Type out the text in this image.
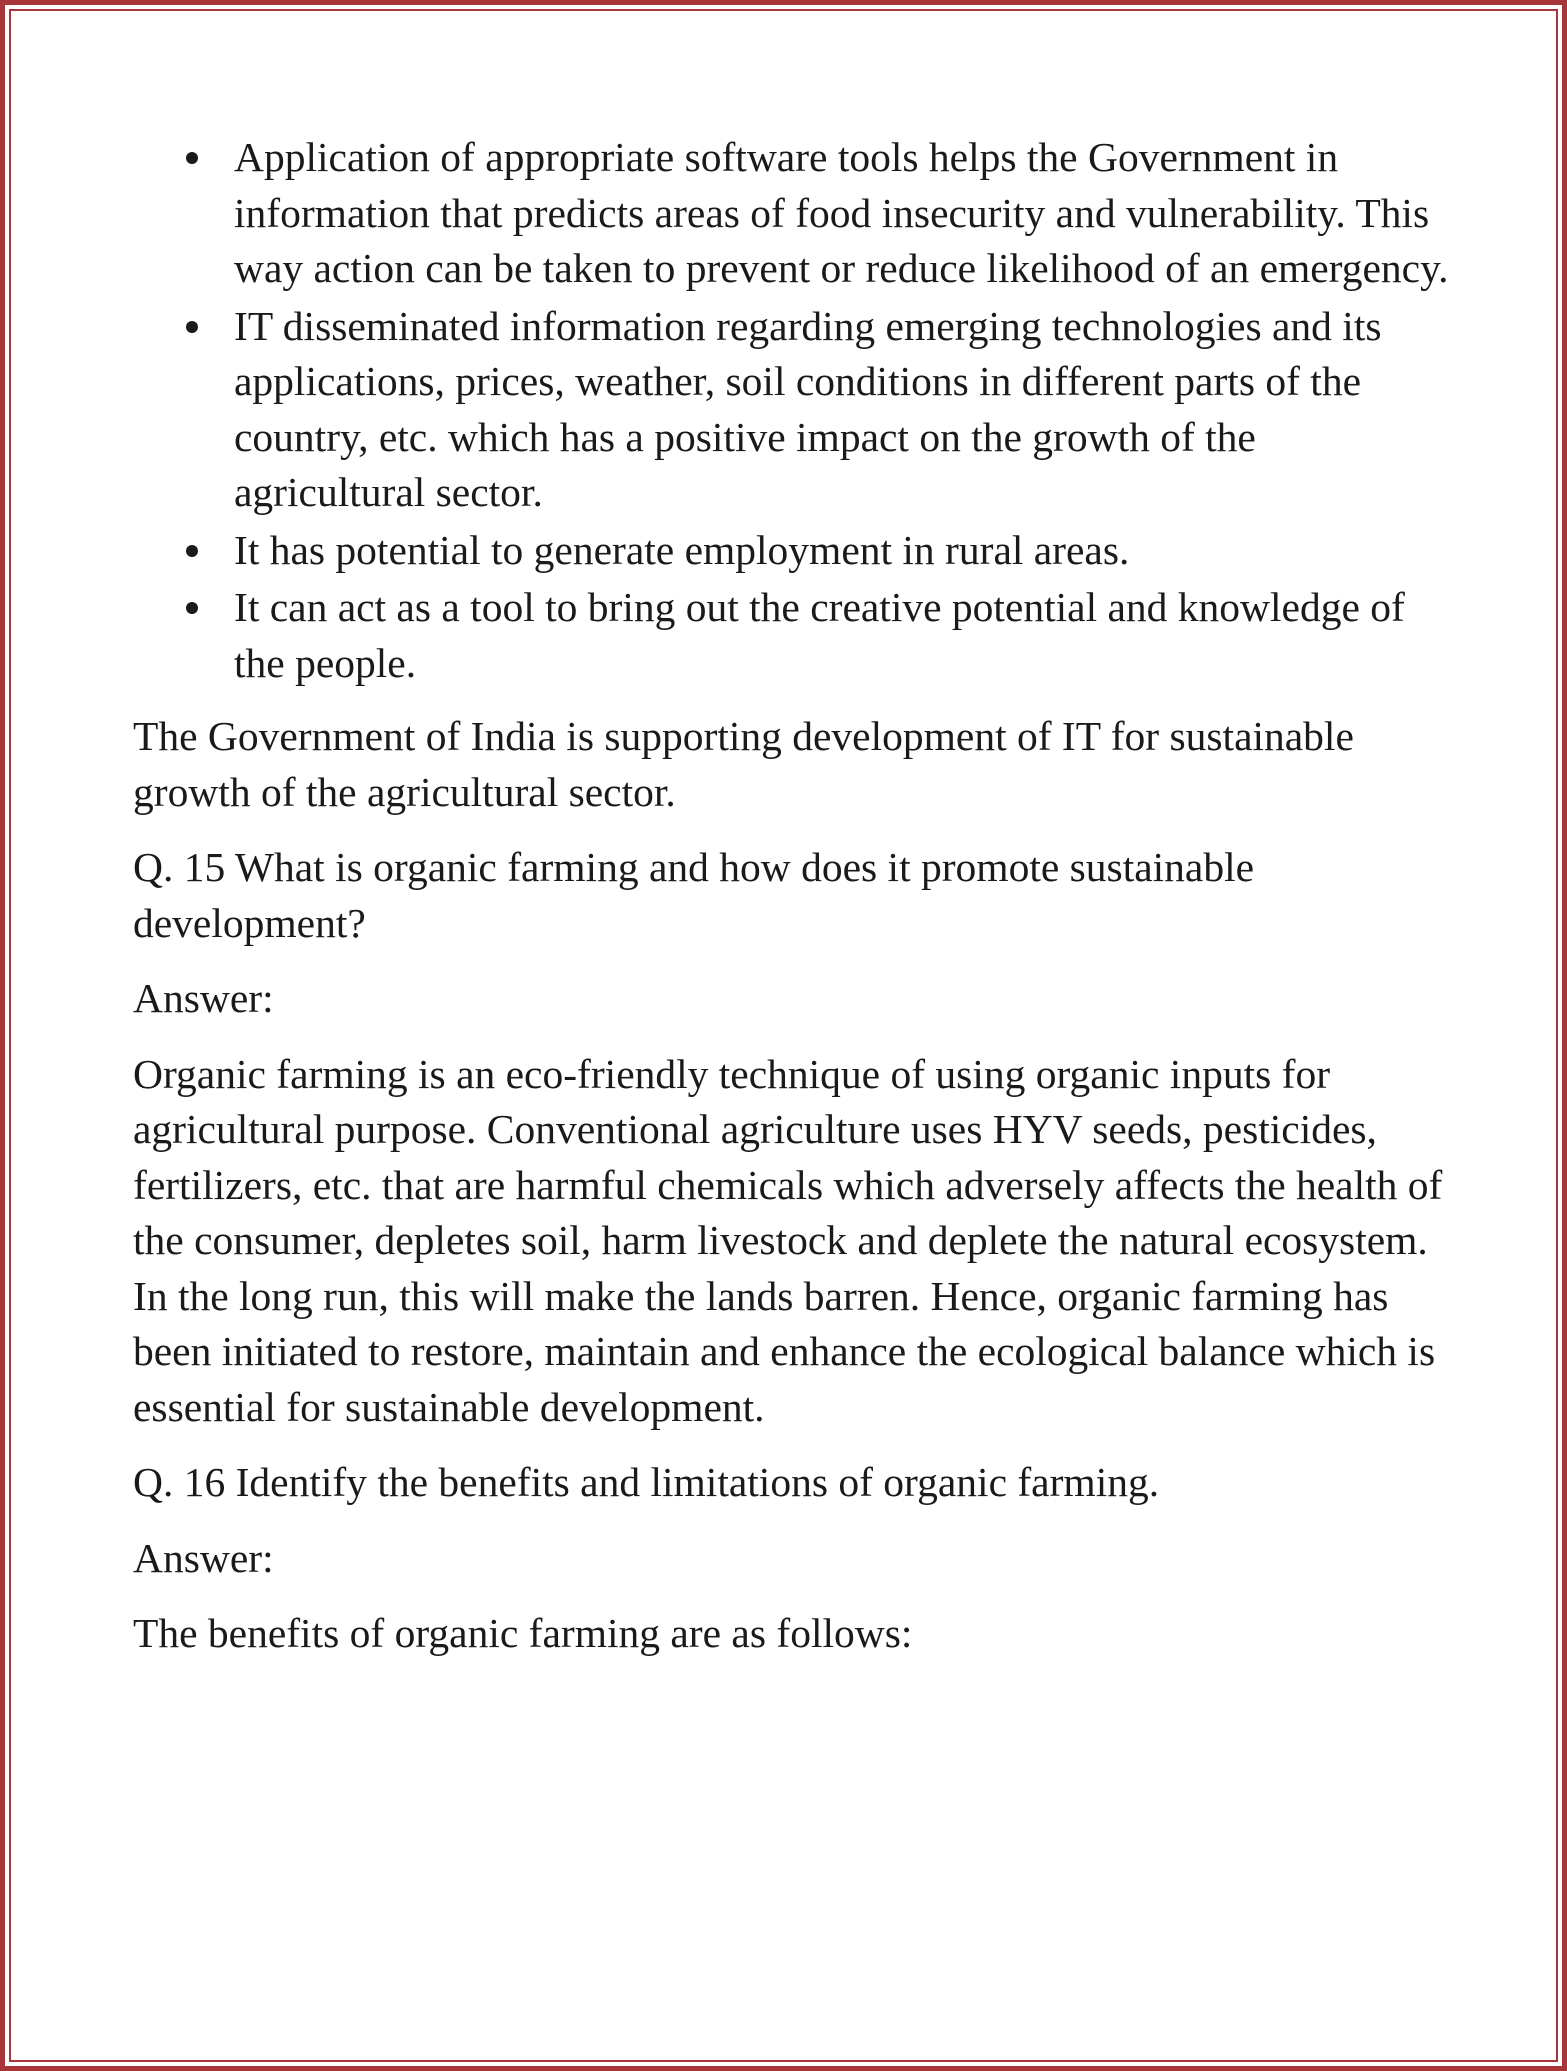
Application of appropriate software tools helps the Government in information that predicts areas of food insecurity and vulnerability. This way action can be taken to prevent or reduce likelihood of an emergency.
IT disseminated information regarding emerging technologies and its applications, prices, weather, soil conditions in different parts of the country, etc. which has a positive impact on the growth of the agricultural sector.
It has potential to generate employment in rural areas.
It can act as a tool to bring out the creative potential and knowledge of the people.

The Government of India is supporting development of IT for sustainable growth of the agricultural sector.

Q. 15 What is organic farming and how does it promote sustainable development?

Answer:

Organic farming is an eco-friendly technique of using organic inputs for agricultural purpose. Conventional agriculture uses HYV seeds, pesticides, fertilizers, etc. that are harmful chemicals which adversely affects the health of the consumer, depletes soil, harm livestock and deplete the natural ecosystem. In the long run, this will make the lands barren. Hence, organic farming has been initiated to restore, maintain and enhance the ecological balance which is essential for sustainable development.

Q. 16 Identify the benefits and limitations of organic farming.

Answer:

The benefits of organic farming are as follows:
